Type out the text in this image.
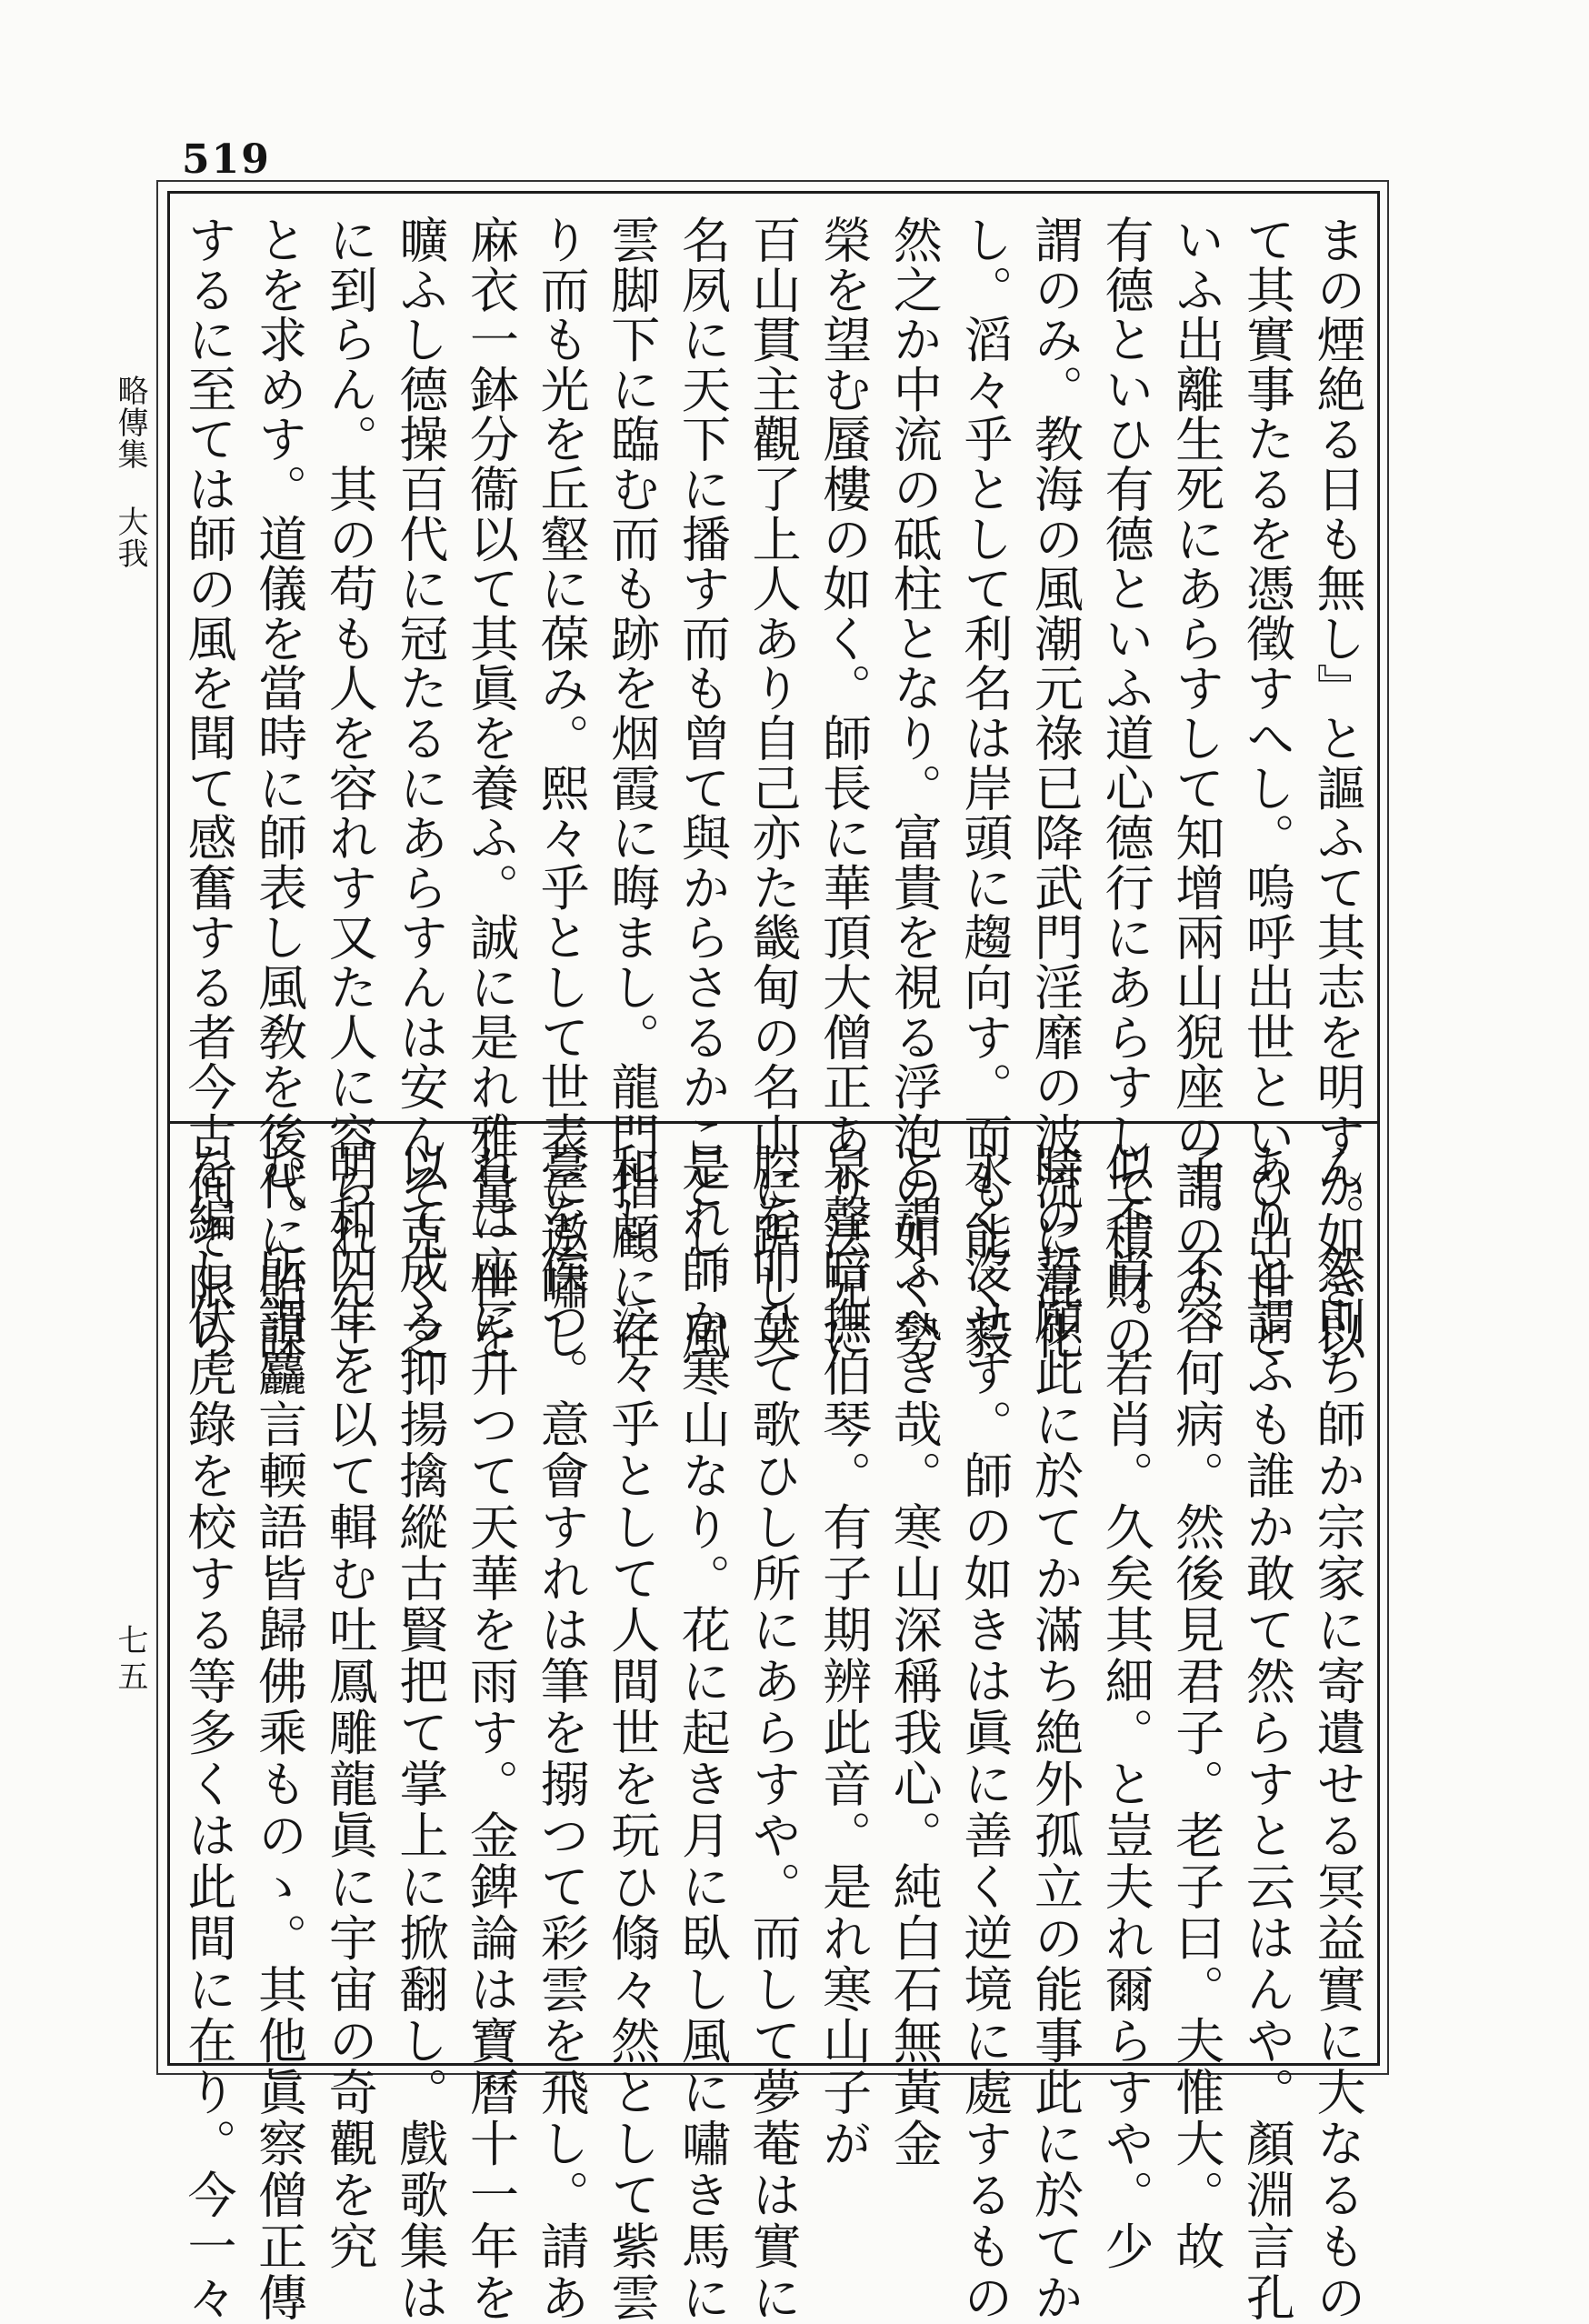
519
略傳集
大我
七五
まの煙絶る日も無し』と謳ふて其志を明すか如き以
て其實事たるを憑徵すへし。嗚呼出世といひ出世と
いふ出離生死にあらすして知增兩山猊座の謂のみ。
有德といひ有德といふ道心德行にあらすして積財の
謂のみ。教海の風潮元祿已降武門淫靡の波流に混化
し。滔々乎として利名は岸頭に趨向す。而も能く毅
然之か中流の砥柱となり。富貴を視る浮泡の如く勢
榮を望む蜃樓の如く。師長に華頂大僧正あり法兄に
百山貫主觀了上人あり自己亦た畿甸の名山に踞し英
名夙に天下に播す而も曾て與からさるかことし。風
雲脚下に臨む而も跡を烟霞に晦まし。龍門指顧に在
り而も光を丘壑に葆み。熙々乎として世表に遨嘯し
麻衣一鉢分衞以て其眞を養ふ。誠に是れ雅量一世を
曠ふし德操百代に冠たるにあらすんは安んそ克く之
に到らん。其の苟も人を容れす又た人に容られんこ
とを求めす。道儀を當時に師表し風敎を後代に貽謀
するに至ては師の風を聞て感奮する者今古何そ限ら
ん。然則ち師か宗家に寄遺せる冥益實に大なるもの
ありと謂ふも誰か敢て然らすと云はんや。顏淵言孔
子。不容何病。然後見君子。老子曰。夫惟大。故
似不肖。若肖。久矣其細。と豈夫れ爾らすや。少
時の誓願此に於てか滿ち絶外孤立の能事此に於てか
永く沒せす。師の如きは眞に善く逆境に處するもの
と謂ふへき哉。寒山深稱我心。純白石無黃金
泉聲暗撫伯琴。有子期辨此音。是れ寒山子が
腔を叩ひて歌ひし所にあらすや。而して夢菴は實に
是れ師か寒山なり。花に起き月に臥し風に嘯き馬に
和し。泛々乎として人間世を玩ひ翛々然として紫雲
臺を俟つ。意會すれは筆を搦つて彩雲を飛し。請あ
れは座に升つて天華を雨す。金錍論は寶曆十一年を
以て成る抑揚擒縱古賢把て掌上に掀翻し。戲歌集は
明和四年を以て輯む吐鳳雕龍眞に宇宙の奇觀を究
む。所謂麤言輭語皆歸佛乘ものゝ。其他眞察僧正傳
を編し伏虎錄を校する等多くは此間に在り。今一々
